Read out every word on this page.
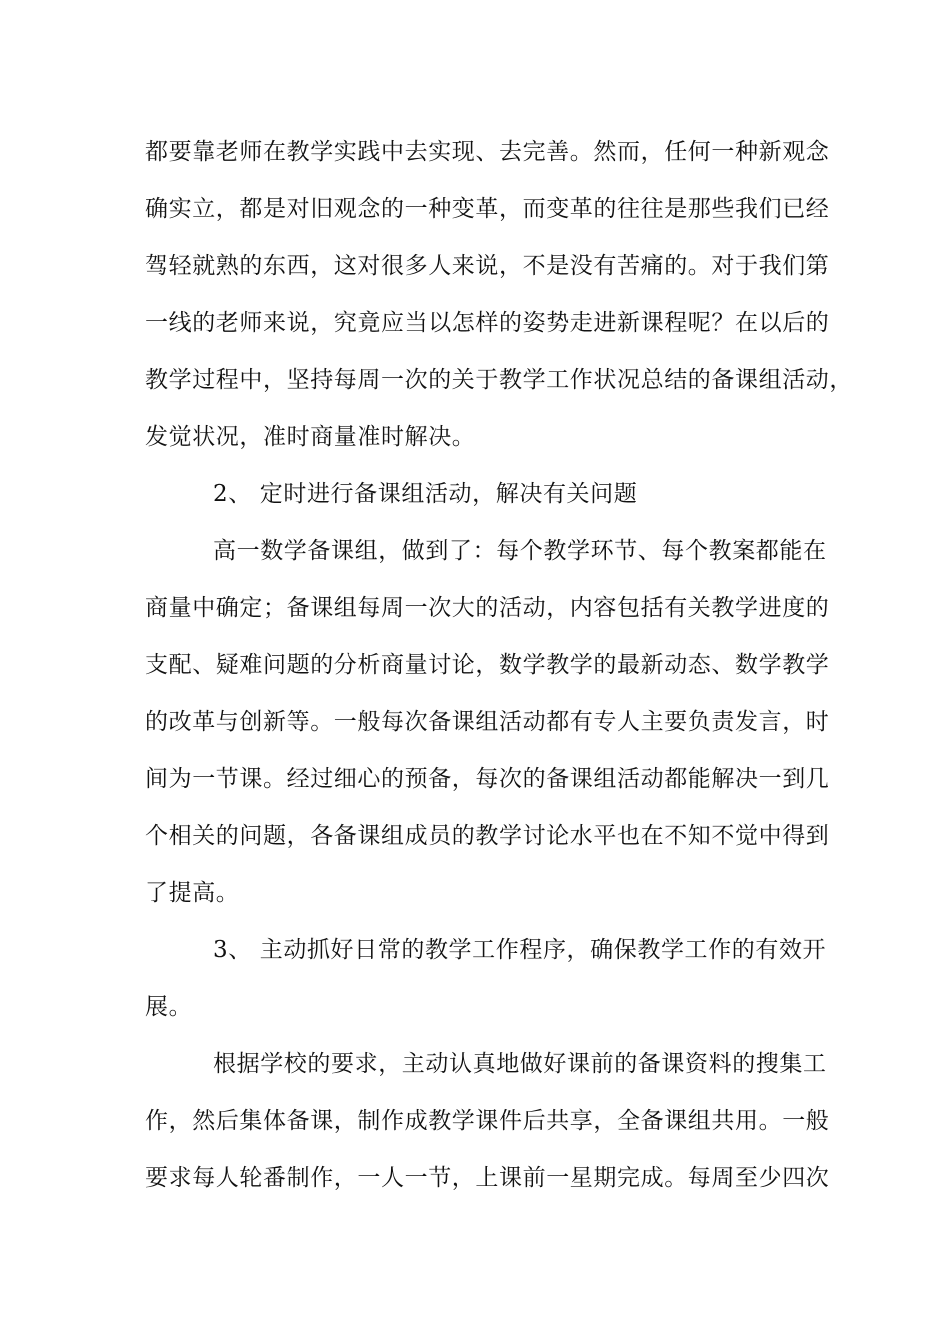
都要靠老师在教学实践中去实现、去完善。然而，任何一种新观念
确实立，都是对旧观念的一种变革，而变革的往往是那些我们已经
驾轻就熟的东西，这对很多人来说，不是没有苦痛的。对于我们第
一线的老师来说，究竟应当以怎样的姿势走进新课程呢？在以后的
教学过程中，坚持每周一次的关于教学工作状况总结的备课组活动，
发觉状况，准时商量准时解决。
2、 定时进行备课组活动，解决有关问题
高一数学备课组，做到了：每个教学环节、每个教案都能在
商量中确定；备课组每周一次大的活动，内容包括有关教学进度的
支配、疑难问题的分析商量讨论，数学教学的最新动态、数学教学
的改革与创新等。一般每次备课组活动都有专人主要负责发言，时
间为一节课。经过细心的预备，每次的备课组活动都能解决一到几
个相关的问题，各备课组成员的教学讨论水平也在不知不觉中得到
了提高。
3、 主动抓好日常的教学工作程序，确保教学工作的有效开
展。
根据学校的要求，主动认真地做好课前的备课资料的搜集工
作，然后集体备课，制作成教学课件后共享，全备课组共用。一般
要求每人轮番制作，一人一节，上课前一星期完成。每周至少四次
